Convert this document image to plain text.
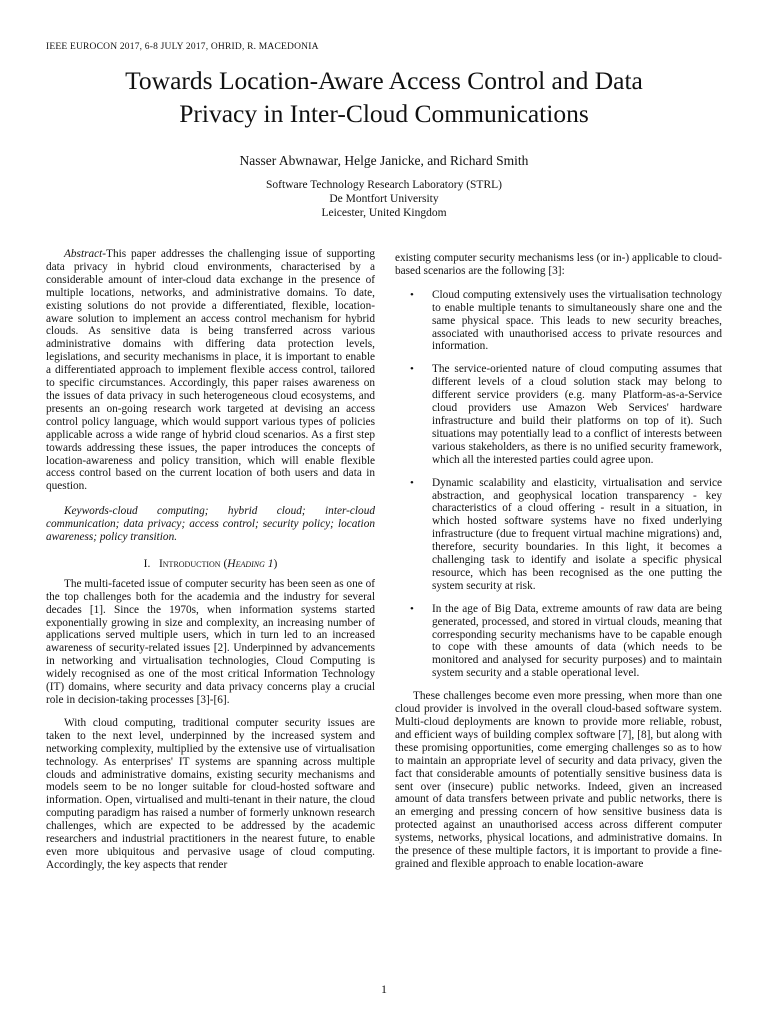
IEEE EUROCON 2017, 6-8 JULY 2017, OHRID, R. MACEDONIA
Towards Location-Aware Access Control and Data
Privacy in Inter-Cloud Communications
Nasser Abwnawar, Helge Janicke, and Richard Smith
Software Technology Research Laboratory (STRL)
De Montfort University
Leicester, United Kingdom

Abstract-This paper addresses the challenging issue of supporting data privacy in hybrid cloud environments, characterised by a considerable amount of inter-cloud data exchange in the presence of multiple locations, networks, and administrative domains. To date, existing solutions do not provide a differentiated, flexible, location-aware solution to implement an access control mechanism for hybrid clouds. As sensitive data is being transferred across various administrative domains with differing data protection levels, legislations, and security mechanisms in place, it is important to enable a differentiated approach to implement flexible access control, tailored to specific circumstances. Accordingly, this paper raises awareness on the issues of data privacy in such heterogeneous cloud ecosystems, and presents an on-going research work targeted at devising an access control policy language, which would support various types of policies applicable across a wide range of hybrid cloud scenarios. As a first step towards addressing these issues, the paper introduces the concepts of location-awareness and policy transition, which will enable flexible access control based on the current location of both users and data in question.

Keywords-cloud computing; hybrid cloud; inter-cloud communication; data privacy; access control; security policy; location awareness; policy transition.

I. Introduction (Heading 1)

The multi-faceted issue of computer security has been seen as one of the top challenges both for the academia and the industry for several decades [1]. Since the 1970s, when information systems started exponentially growing in size and complexity, an increasing number of applications served multiple users, which in turn led to an increased awareness of security-related issues [2]. Underpinned by advancements in networking and virtualisation technologies, Cloud Computing is widely recognised as one of the most critical Information Technology (IT) domains, where security and data privacy concerns play a crucial role in decision-taking processes [3]-[6].

With cloud computing, traditional computer security issues are taken to the next level, underpinned by the increased system and networking complexity, multiplied by the extensive use of virtualisation technology. As enterprises' IT systems are spanning across multiple clouds and administrative domains, existing security mechanisms and models seem to be no longer suitable for cloud-hosted software and information. Open, virtualised and multi-tenant in their nature, the cloud computing paradigm has raised a number of formerly unknown research challenges, which are expected to be addressed by the academic researchers and industrial practitioners in the nearest future, to enable even more ubiquitous and pervasive usage of cloud computing. Accordingly, the key aspects that render

existing computer security mechanisms less (or in-) applicable to cloud-based scenarios are the following [3]:

• Cloud computing extensively uses the virtualisation technology to enable multiple tenants to simultaneously share one and the same physical space. This leads to new security breaches, associated with unauthorised access to private resources and information.
• The service-oriented nature of cloud computing assumes that different levels of a cloud solution stack may belong to different service providers (e.g. many Platform-as-a-Service cloud providers use Amazon Web Services' hardware infrastructure and build their platforms on top of it). Such situations may potentially lead to a conflict of interests between various stakeholders, as there is no unified security framework, which all the interested parties could agree upon.
• Dynamic scalability and elasticity, virtualisation and service abstraction, and geophysical location transparency - key characteristics of a cloud offering - result in a situation, in which hosted software systems have no fixed underlying infrastructure (due to frequent virtual machine migrations) and, therefore, security boundaries. In this light, it becomes a challenging task to identify and isolate a specific physical resource, which has been recognised as the one putting the system security at risk.
• In the age of Big Data, extreme amounts of raw data are being generated, processed, and stored in virtual clouds, meaning that corresponding security mechanisms have to be capable enough to cope with these amounts of data (which needs to be monitored and analysed for security purposes) and to maintain system security and a stable operational level.

These challenges become even more pressing, when more than one cloud provider is involved in the overall cloud-based software system. Multi-cloud deployments are known to provide more reliable, robust, and efficient ways of building complex software [7], [8], but along with these promising opportunities, come emerging challenges so as to how to maintain an appropriate level of security and data privacy, given the fact that considerable amounts of potentially sensitive business data is sent over (insecure) public networks. Indeed, given an increased amount of data transfers between private and public networks, there is an emerging and pressing concern of how sensitive business data is protected against an unauthorised access across different computer systems, networks, physical locations, and administrative domains. In the presence of these multiple factors, it is important to provide a fine-grained and flexible approach to enable location-aware

1
